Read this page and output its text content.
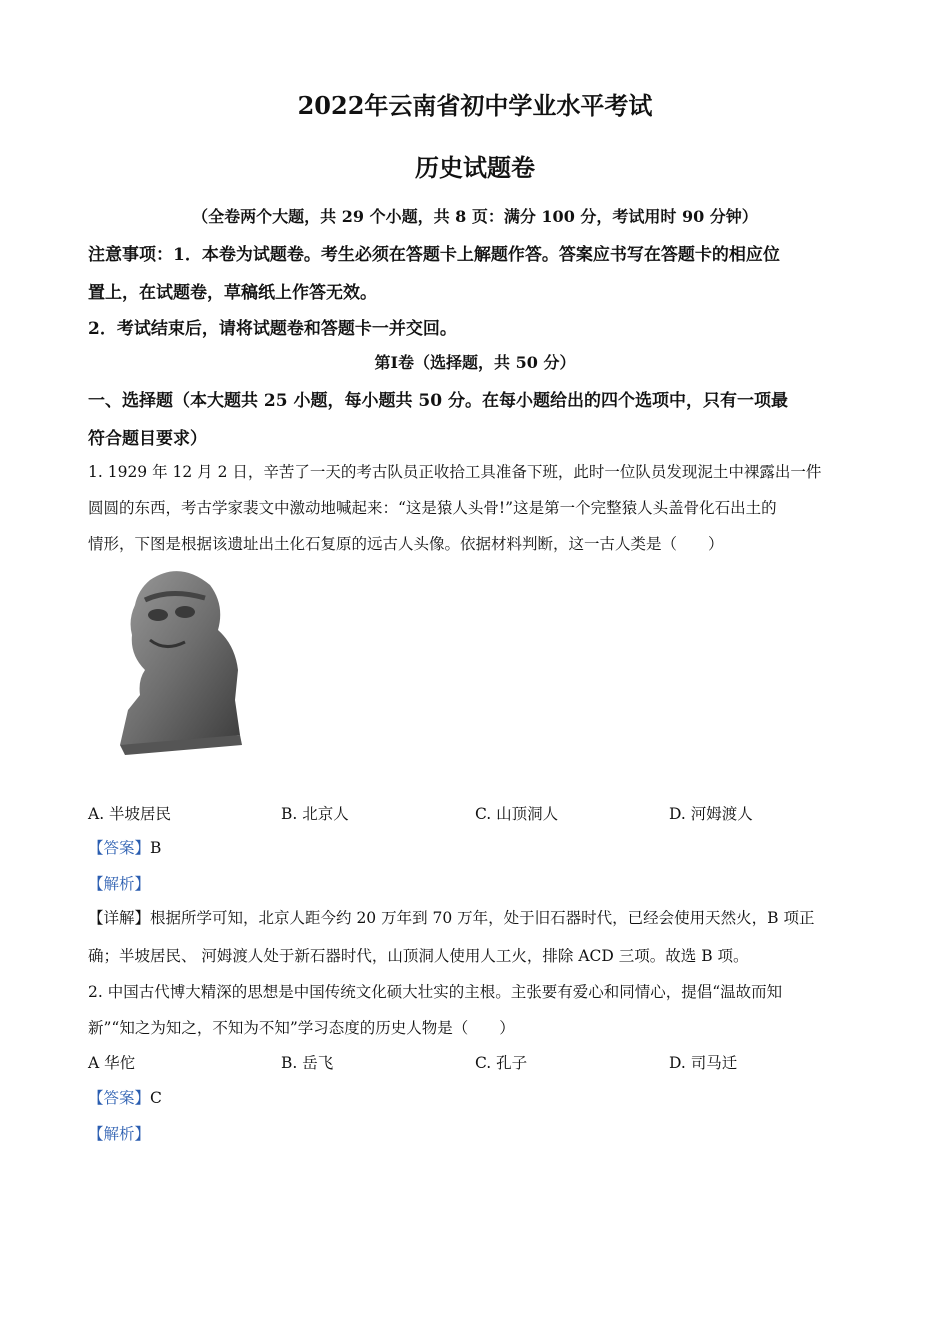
2022年云南省初中学业水平考试
历史试题卷
（全卷两个大题，共 29 个小题，共 8 页：满分 100 分，考试用时 90 分钟）
注意事项：1．本卷为试题卷。考生必须在答题卡上解题作答。答案应书写在答题卡的相应位
置上，在试题卷，草稿纸上作答无效。
2．考试结束后，请将试题卷和答题卡一并交回。
第Ⅰ卷（选择题，共 50 分）
一、选择题（本大题共 25 小题，每小题共 50 分。在每小题给出的四个选项中，只有一项最
符合题目要求）
1. 1929 年 12 月 2 日，辛苦了一天的考古队员正收拾工具准备下班，此时一位队员发现泥土中裸露出一件
圆圆的东西，考古学家裴文中激动地喊起来：“这是猿人头骨!”这是第一个完整猿人头盖骨化石出土的
情形，下图是根据该遗址出土化石复原的远古人头像。依据材料判断，这一古人类是（　　）
A. 半坡居民	B. 北京人	C. 山顶洞人	D. 河姆渡人
【答案】B
【解析】
【详解】根据所学可知，北京人距今约 20 万年到 70 万年，处于旧石器时代，已经会使用天然火，B 项正
确；半坡居民、 河姆渡人处于新石器时代，山顶洞人使用人工火，排除 ACD 三项。故选 B 项。
2. 中国古代博大精深的思想是中国传统文化硕大壮实的主根。主张要有爱心和同情心，提倡“温故而知
新”“知之为知之，不知为不知”学习态度的历史人物是（　　）
A 华佗	B. 岳飞	C. 孔子	D. 司马迁
【答案】C
【解析】
